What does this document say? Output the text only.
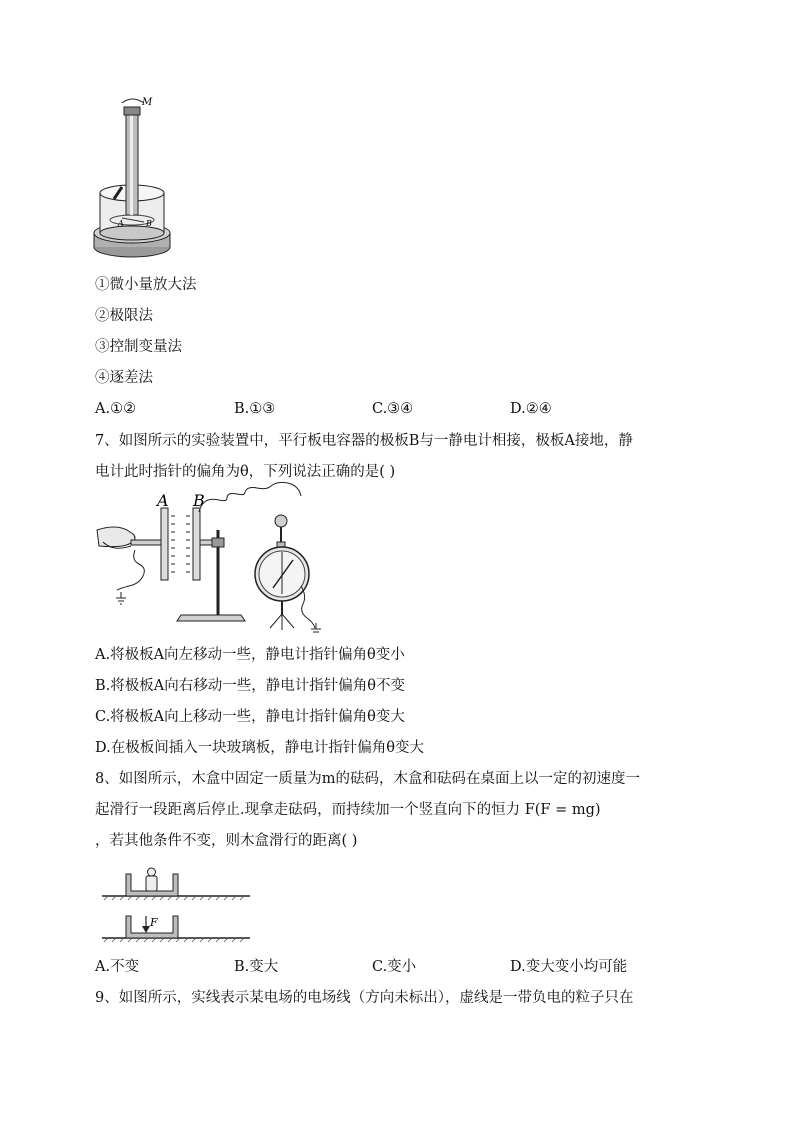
M
A	B
①微小量放大法
②极限法
③控制变量法
④逐差法
A.①②	B.①③	C.③④	D.②④
7、如图所示的实验装置中，平行板电容器的极板B与一静电计相接，极板A接地，静
电计此时指针的偏角为θ，下列说法正确的是( )
A B
A.将极板A向左移动一些，静电计指针偏角θ变小
B.将极板A向右移动一些，静电计指针偏角θ不变
C.将极板A向上移动一些，静电计指针偏角θ变大
D.在极板间插入一块玻璃板，静电计指针偏角θ变大
8、如图所示，木盒中固定一质量为m的砝码，木盒和砝码在桌面上以一定的初速度一
起滑行一段距离后停止.现拿走砝码，而持续加一个竖直向下的恒力 F(F = mg)
，若其他条件不变，则木盒滑行的距离( )
F
A.不变	B.变大	C.变小	D.变大变小均可能
9、如图所示，实线表示某电场的电场线（方向未标出），虚线是一带负电的粒子只在
